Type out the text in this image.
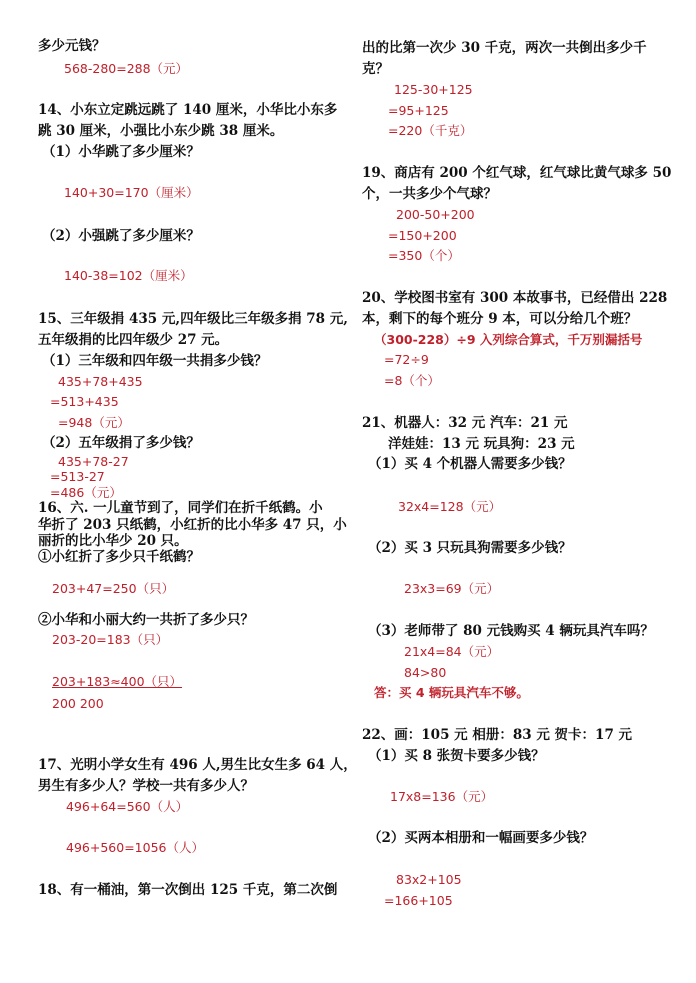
多少元钱？
568-280=288（元）
14、小东立定跳远跳了 140 厘米，小华比小东多
跳 30 厘米，小强比小东少跳 38 厘米。
（1）小华跳了多少厘米？
140+30=170（厘米）
（2）小强跳了多少厘米？
140-38=102（厘米）
15、三年级捐 435 元,四年级比三年级多捐 78 元,
五年级捐的比四年级少 27 元。
（1）三年级和四年级一共捐多少钱？
435+78+435
=513+435
=948（元）
（2）五年级捐了多少钱？
435+78-27
=513-27
=486（元）
16、六. 一儿童节到了，同学们在折千纸鹤。小
华折了 203 只纸鹤，小红折的比小华多 47 只，小
丽折的比小华少 20 只。
①小红折了多少只千纸鹤？
203+47=250（只）
②小华和小丽大约一共折了多少只？
203-20=183（只）
203+183≈400（只）
200 200
17、光明小学女生有 496 人,男生比女生多 64 人，
男生有多少人？学校一共有多少人？
496+64=560（人）
496+560=1056（人）
18、有一桶油，第一次倒出 125 千克，第二次倒
出的比第一次少 30 千克，两次一共倒出多少千
克？
125-30+125
=95+125
=220（千克）
19、商店有 200 个红气球，红气球比黄气球多 50
个，一共多少个气球？
200-50+200
=150+200
=350（个）
20、学校图书室有 300 本故事书，已经借出 228
本，剩下的每个班分 9 本，可以分给几个班？
（300-228）÷9 入列综合算式，千万别漏括号
=72÷9
=8（个）
21、机器人：32 元 汽车：21 元
洋娃娃：13 元 玩具狗：23 元
（1）买 4 个机器人需要多少钱？
32x4=128（元）
（2）买 3 只玩具狗需要多少钱？
23x3=69（元）
（3）老师带了 80 元钱购买 4 辆玩具汽车吗？
21x4=84（元）
84>80
答：买 4 辆玩具汽车不够。
22、画：105 元 相册：83 元 贺卡：17 元
（1）买 8 张贺卡要多少钱？
17x8=136（元）
（2）买两本相册和一幅画要多少钱？
83x2+105
=166+105
